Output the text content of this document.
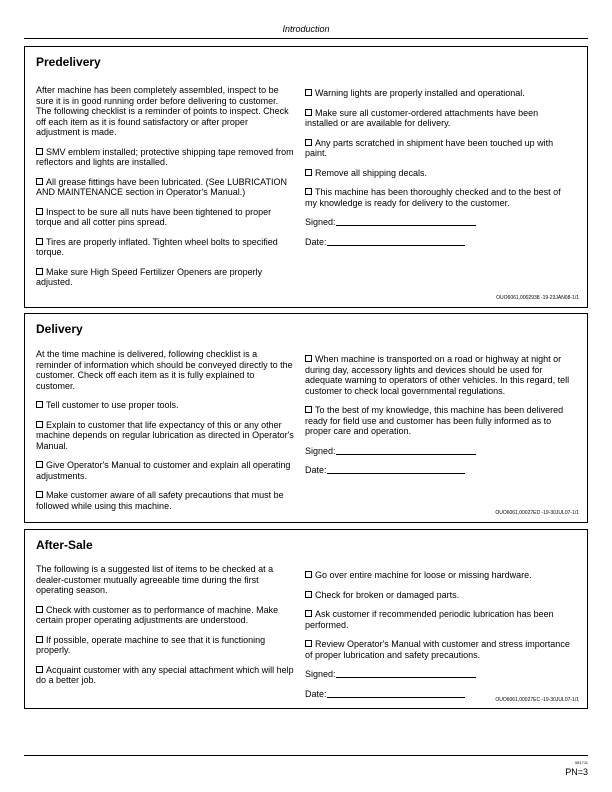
Introduction
Predelivery

After machine has been completely assembled, inspect to be sure it is in good running order before delivering to customer. The following checklist is a reminder of points to inspect. Check off each item as it is found satisfactory or after proper adjustment is made.

SMV emblem installed; protective shipping tape removed from reflectors and lights are installed.

All grease fittings have been lubricated. (See LUBRICATION AND MAINTENANCE section in Operator's Manual.)

Inspect to be sure all nuts have been tightened to proper torque and all cotter pins spread.

Tires are properly inflated. Tighten wheel bolts to specified torque.

Make sure High Speed Fertilizer Openers are properly adjusted.

Warning lights are properly installed and operational.

Make sure all customer-ordered attachments have been installed or are available for delivery.

Any parts scratched in shipment have been touched up with paint.

Remove all shipping decals.

This machine has been thoroughly checked and to the best of my knowledge is ready for delivery to the customer.

Signed:

Date:

OUO6061,0002938 -19-23JAN08-1/1
Delivery

At the time machine is delivered, following checklist is a reminder of information which should be conveyed directly to the customer. Check off each item as it is fully explained to customer.

Tell customer to use proper tools.

Explain to customer that life expectancy of this or any other machine depends on regular lubrication as directed in Operator's Manual.

Give Operator's Manual to customer and explain all operating adjustments.

Make customer aware of all safety precautions that must be followed while using this machine.

When machine is transported on a road or highway at night or during day, accessory lights and devices should be used for adequate warning to operators of other vehicles. In this regard, tell customer to check local governmental regulations.

To the best of my knowledge, this machine has been delivered ready for field use and customer has been fully informed as to proper care and operation.

Signed:

Date:

OUO6061,00027ED -19-30JUL07-1/1
After-Sale

The following is a suggested list of items to be checked at a dealer-customer mutually agreeable time during the first operating season.

Check with customer as to performance of machine. Make certain proper operating adjustments are understood.

If possible, operate machine to see that it is functioning properly.

Acquaint customer with any special attachment which will help do a better job.

Go over entire machine for loose or missing hardware.

Check for broken or damaged parts.

Ask customer if recommended periodic lubrication has been performed.

Review Operator's Manual with customer and stress importance of proper lubrication and safety precautions.

Signed:

Date:

OUO6061,00027EC -19-30JUL07-1/1
081711
PN=3
